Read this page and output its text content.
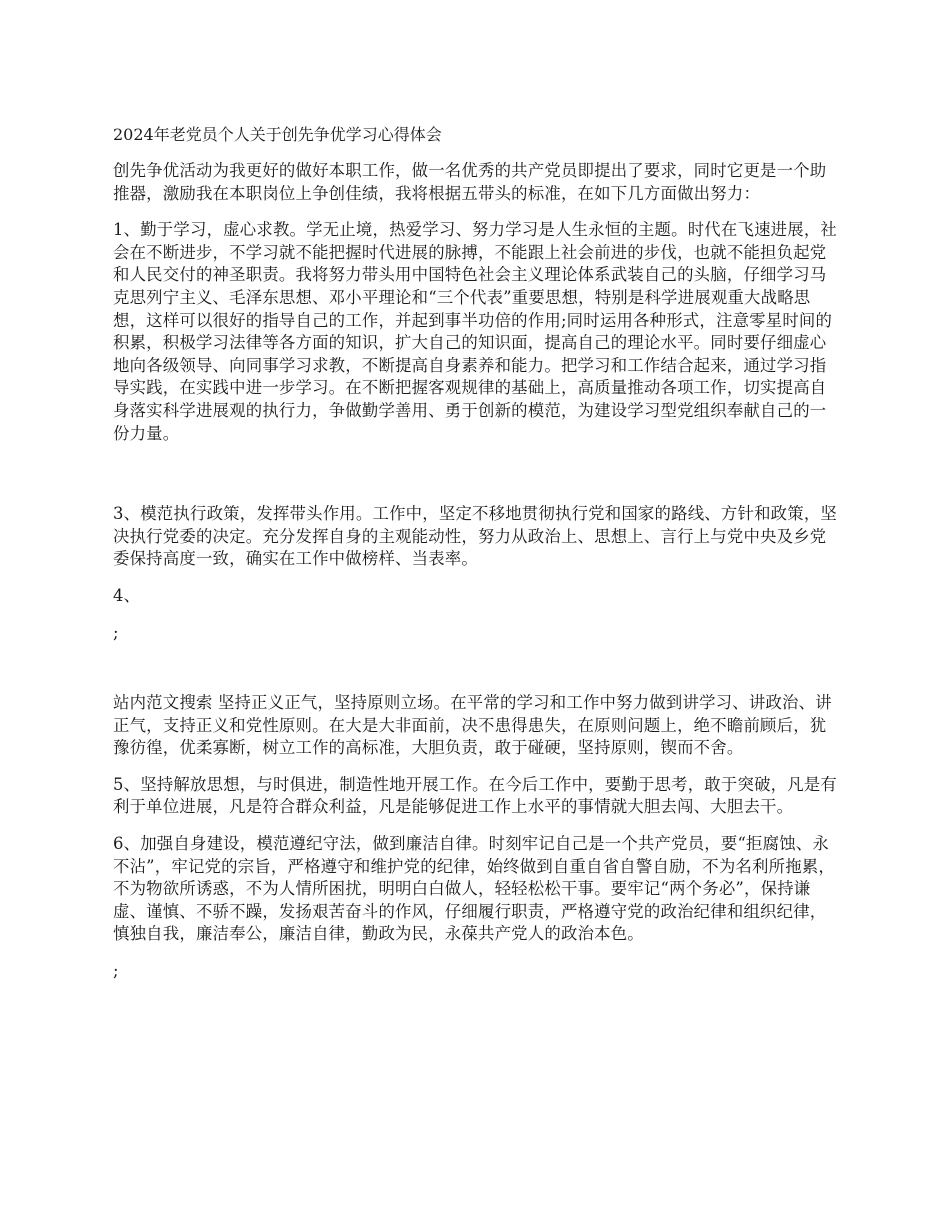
2024年老党员个人关于创先争优学习心得体会

创先争优活动为我更好的做好本职工作，做一名优秀的共产党员即提出了要求，同时它更是一个助推器，激励我在本职岗位上争创佳绩，我将根据五带头的标准，在如下几方面做出努力：

1、勤于学习，虚心求教。学无止境，热爱学习、努力学习是人生永恒的主题。时代在飞速进展，社会在不断进步，不学习就不能把握时代进展的脉搏，不能跟上社会前进的步伐，也就不能担负起党和人民交付的神圣职责。我将努力带头用中国特色社会主义理论体系武装自己的头脑，仔细学习马克思列宁主义、毛泽东思想、邓小平理论和“三个代表”重要思想，特别是科学进展观重大战略思想，这样可以很好的指导自己的工作，并起到事半功倍的作用;同时运用各种形式，注意零星时间的积累，积极学习法律等各方面的知识，扩大自己的知识面，提高自己的理论水平。同时要仔细虚心地向各级领导、向同事学习求教，不断提高自身素养和能力。把学习和工作结合起来，通过学习指导实践，在实践中进一步学习。在不断把握客观规律的基础上，高质量推动各项工作，切实提高自身落实科学进展观的执行力，争做勤学善用、勇于创新的模范，为建设学习型党组织奉献自己的一份力量。

3、模范执行政策，发挥带头作用。工作中，坚定不移地贯彻执行党和国家的路线、方针和政策，坚决执行党委的决定。充分发挥自身的主观能动性，努力从政治上、思想上、言行上与党中央及乡党委保持高度一致，确实在工作中做榜样、当表率。

4、

;

站内范文搜索 坚持正义正气，坚持原则立场。在平常的学习和工作中努力做到讲学习、讲政治、讲正气，支持正义和党性原则。在大是大非面前，决不患得患失，在原则问题上，绝不瞻前顾后，犹豫彷徨，优柔寡断，树立工作的高标准，大胆负责，敢于碰硬，坚持原则，锲而不舍。

5、坚持解放思想，与时俱进，制造性地开展工作。在今后工作中，要勤于思考，敢于突破，凡是有利于单位进展，凡是符合群众利益，凡是能够促进工作上水平的事情就大胆去闯、大胆去干。

6、加强自身建设，模范遵纪守法，做到廉洁自律。时刻牢记自己是一个共产党员，要“拒腐蚀、永不沾”，牢记党的宗旨，严格遵守和维护党的纪律，始终做到自重自省自警自励，不为名利所拖累，不为物欲所诱惑，不为人情所困扰，明明白白做人，轻轻松松干事。要牢记“两个务必”，保持谦虚、谨慎、不骄不躁，发扬艰苦奋斗的作风，仔细履行职责，严格遵守党的政治纪律和组织纪律，慎独自我，廉洁奉公，廉洁自律，勤政为民，永葆共产党人的政治本色。

;
